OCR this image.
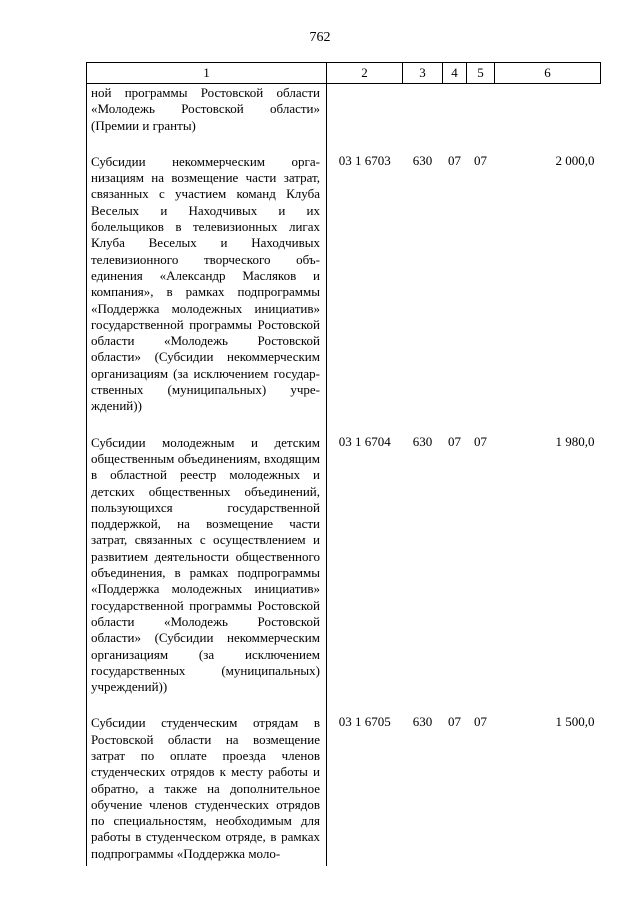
762
1	2	3	4	5	6
ной программы Ростовской области «Молодежь Ростовской области» (Премии и гранты)					

Субсидии некоммерческим организациям на возмещение части затрат, связанных с участием команд Клуба Веселых и Находчивых и их болельщиков в телевизионных лигах Клуба Веселых и Находчивых телевизионного творческого объединения «Александр Масляков и компания», в рамках подпрограммы «Поддержка молодежных инициатив» государственной программы Ростовской области «Молодежь Ростовской области» (Субсидии некоммерческим организациям (за исключением государственных (муниципальных) учреждений))	03 1 6703	630	07	07	2 000,0

Субсидии молодежным и детским общественным объединениям, входящим в областной реестр молодежных и детских общественных объединений, пользующихся государственной поддержкой, на возмещение части затрат, связанных с осуществлением и развитием деятельности общественного объединения, в рамках подпрограммы «Поддержка молодежных инициатив» государственной программы Ростовской области «Молодежь Ростовской области» (Субсидии некоммерческим организациям (за исключением государственных (муниципальных) учреждений))	03 1 6704	630	07	07	1 980,0

Субсидии студенческим отрядам в Ростовской области на возмещение затрат по оплате проезда членов студенческих отрядов к месту работы и обратно, а также на дополнительное обучение членов студенческих отрядов по специальностям, необходимым для работы в студенческом отряде, в рамках подпрограммы «Поддержка моло-	03 1 6705	630	07	07	1 500,0
